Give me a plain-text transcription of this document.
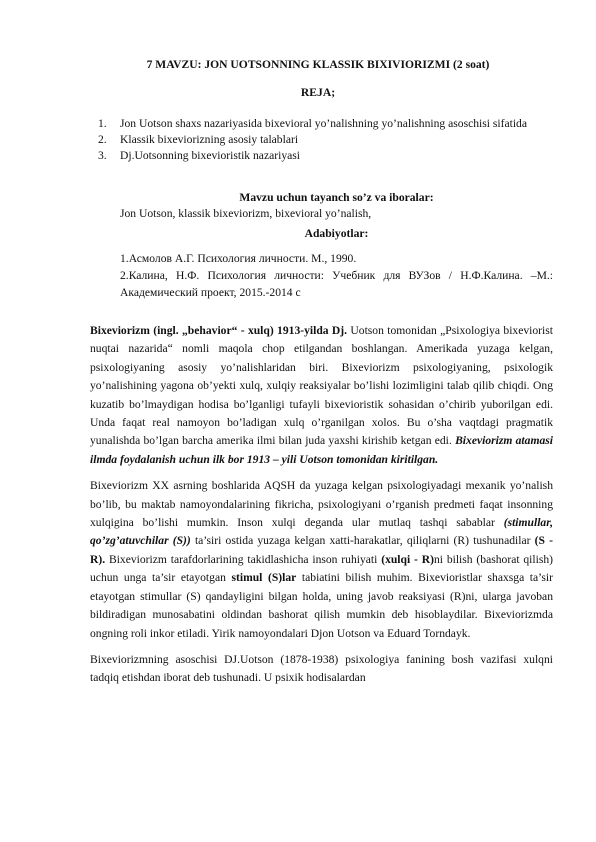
7 MAVZU: JON UOTSONNING KLASSIK BIXIVIORIZMI (2 soat)
REJA;
1. Jon Uotson shaxs nazariyasida bixevioral yo’nalishning yo’nalishning asoschisi sifatida
2. Klassik bixeviorizning asosiy talablari
3. Dj.Uotsonning bixevioristik nazariyasi
Mavzu uchun tayanch so’z va iboralar:
Jon Uotson, klassik bixeviorizm, bixevioral yo’nalish,
Adabiyotlar:
1.Асмолов А.Г. Психология личности. М., 1990.
2.Калина, Н.Ф. Психология личности: Учебник для ВУЗов / Н.Ф.Калина. –М.: Академический проект, 2015.-2014 с

Bixeviorizm (ingl. „behavior“ - xulq) 1913-yilda Dj. Uotson tomonidan „Psixologiya bixeviorist nuqtai nazarida“ nomli maqola chop etilgandan boshlangan. Amerikada yuzaga kelgan, psixologiyaning asosiy yo’nalishlaridan biri. Bixeviorizm psixologiyaning, psixologik yo’nalishining yagona ob’yekti xulq, xulqiy reaksiyalar bo’lishi lozimligini talab qilib chiqdi. Ong kuzatib bo’lmaydigan hodisa bo’lganligi tufayli bixevioristik sohasidan o’chirib yuborilgan edi. Unda faqat real namoyon bo’ladigan xulq o’rganilgan xolos. Bu o’sha vaqtdagi pragmatik yunalishda bo’lgan barcha amerika ilmi bilan juda yaxshi kirishib ketgan edi. Bixeviorizm atamasi ilmda foydalanish uchun ilk bor 1913 – yili Uotson tomonidan kiritilgan.

Bixeviorizm XX asrning boshlarida AQSH da yuzaga kelgan psixologiyadagi mexanik yo’nalish bo’lib, bu maktab namoyondalarining fikricha, psixologiyani o’rganish predmeti faqat insonning xulqigina bo’lishi mumkin. Inson xulqi deganda ular mutlaq tashqi sabablar (stimullar, qo’zg’atuvchilar (S)) ta’siri ostida yuzaga kelgan xatti-harakatlar, qiliqlarni (R) tushunadilar (S - R). Bixeviorizm tarafdorlarining takidlashicha inson ruhiyati (xulqi - R)ni bilish (bashorat qilish) uchun unga ta’sir etayotgan stimul (S)lar tabiatini bilish muhim. Bixevioristlar shaxsga ta’sir etayotgan stimullar (S) qandayligini bilgan holda, uning javob reaksiyasi (R)ni, ularga javoban bildiradigan munosabatini oldindan bashorat qilish mumkin deb hisoblaydilar. Bixeviorizmda ongning roli inkor etiladi. Yirik namoyondalari Djon Uotson va Eduard Torndayk.

Bixeviorizmning asoschisi DJ.Uotson (1878-1938) psixologiya fanining bosh vazifasi xulqni tadqiq etishdan iborat deb tushunadi. U psixik hodisalardan
